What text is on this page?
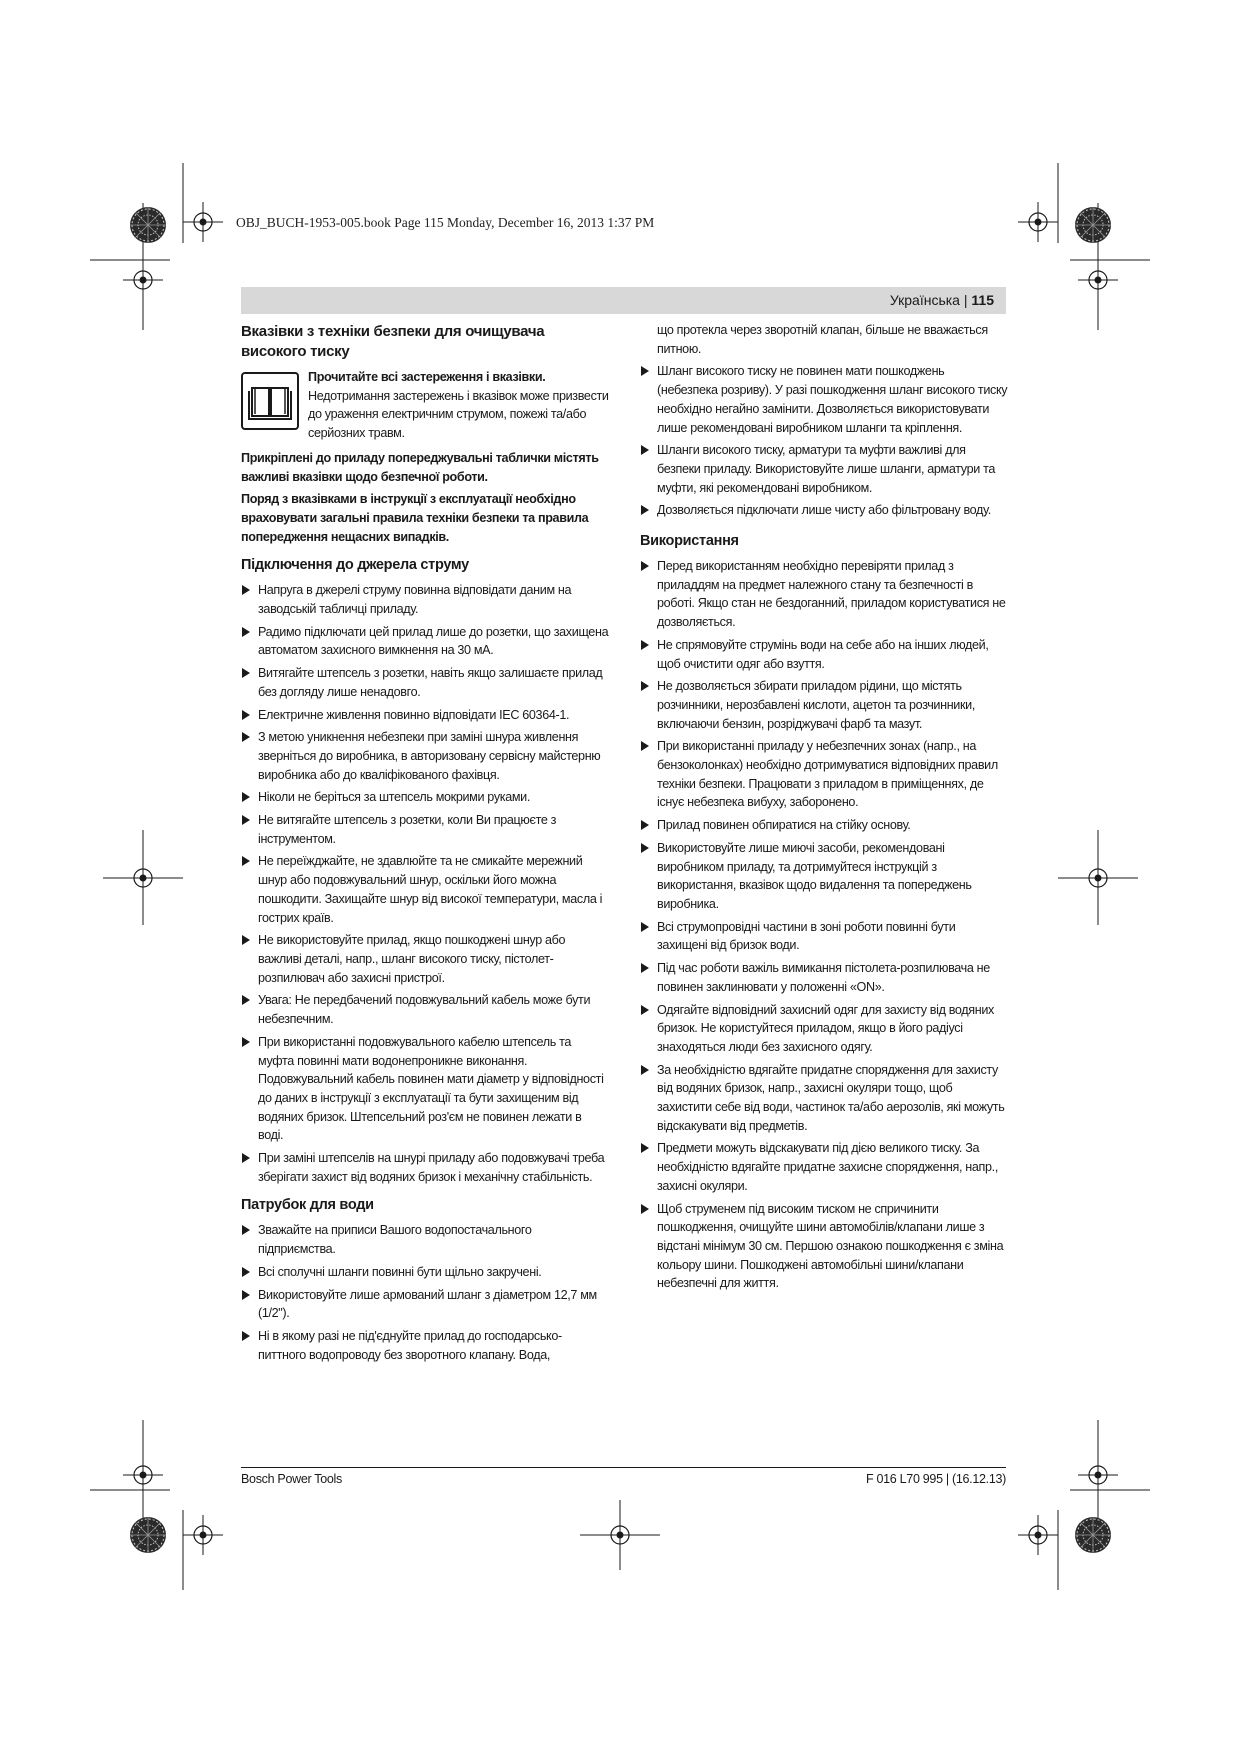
OBJ_BUCH-1953-005.book Page 115 Monday, December 16, 2013 1:37 PM
Українська | 115
Вказівки з техніки безпеки для очищувача високого тиску
Прочитайте всі застереження і вказівки.
Недотримання застережень і вказівок може призвести до ураження електричним струмом, пожежі та/або серйозних травм.
Прикріплені до приладу попереджувальні таблички містять важливі вказівки щодо безпечної роботи.
Поряд з вказівками в інструкції з експлуатації необхідно враховувати загальні правила техніки безпеки та правила попередження нещасних випадків.
Підключення до джерела струму
Напруга в джерелі струму повинна відповідати даним на заводській табличці приладу.
Радимо підключати цей прилад лише до розетки, що захищена автоматом захисного вимкнення на 30 мА.
Витягайте штепсель з розетки, навіть якщо залишаєте прилад без догляду лише ненадовго.
Електричне живлення повинно відповідати IEC 60364-1.
З метою уникнення небезпеки при заміні шнура живлення зверніться до виробника, в авторизовану сервісну майстерню виробника або до кваліфікованого фахівця.
Ніколи не беріться за штепсель мокрими руками.
Не витягайте штепсель з розетки, коли Ви працюєте з інструментом.
Не переїжджайте, не здавлюйте та не смикайте мережний шнур або подовжувальний шнур, оскільки його можна пошкодити. Захищайте шнур від високої температури, масла і гострих країв.
Не використовуйте прилад, якщо пошкоджені шнур або важливі деталі, напр., шланг високого тиску, пістолет-розпилювач або захисні пристрої.
Увага: Не передбачений подовжувальний кабель може бути небезпечним.
При використанні подовжувального кабелю штепсель та муфта повинні мати водонепроникне виконання. Подовжувальний кабель повинен мати діаметр у відповідності до даних в інструкції з експлуатації та бути захищеним від водяних бризок. Штепсельний роз'єм не повинен лежати в воді.
При заміні штепселів на шнурі приладу або подовжувачі треба зберігати захист від водяних бризок і механічну стабільність.
Патрубок для води
Зважайте на приписи Вашого водопостачального підприємства.
Всі сполучні шланги повинні бути щільно закручені.
Використовуйте лише армований шланг з діаметром 12,7 мм (1/2").
Ні в якому разі не під'єднуйте прилад до господарсько-питтного водопроводу без зворотного клапану. Вода,
що протекла через зворотній клапан, більше не вважається питною.
Шланг високого тиску не повинен мати пошкоджень (небезпека розриву). У разі пошкодження шланг високого тиску необхідно негайно замінити. Дозволяється використовувати лише рекомендовані виробником шланги та кріплення.
Шланги високого тиску, арматури та муфти важливі для безпеки приладу. Використовуйте лише шланги, арматури та муфти, які рекомендовані виробником.
Дозволяється підключати лише чисту або фільтровану воду.
Використання
Перед використанням необхідно перевіряти прилад з приладдям на предмет належного стану та безпечності в роботі. Якщо стан не бездоганний, приладом користуватися не дозволяється.
Не спрямовуйте струмінь води на себе або на інших людей, щоб очистити одяг або взуття.
Не дозволяється збирати приладом рідини, що містять розчинники, нерозбавлені кислоти, ацетон та розчинники, включаючи бензин, розріджувачі фарб та мазут.
При використанні приладу у небезпечних зонах (напр., на бензоколонках) необхідно дотримуватися відповідних правил техніки безпеки. Працювати з приладом в приміщеннях, де існує небезпека вибуху, заборонено.
Прилад повинен обпиратися на стійку основу.
Використовуйте лише миючі засоби, рекомендовані виробником приладу, та дотримуйтеся інструкцій з використання, вказівок щодо видалення та попереджень виробника.
Всі струмопровідні частини в зоні роботи повинні бути захищені від бризок води.
Під час роботи важіль вимикання пістолета-розпилювача не повинен заклинювати у положенні «ON».
Одягайте відповідний захисний одяг для захисту від водяних бризок. Не користуйтеся приладом, якщо в його радіусі знаходяться люди без захисного одягу.
За необхідністю вдягайте придатне спорядження для захисту від водяних бризок, напр., захисні окуляри тощо, щоб захистити себе від води, частинок та/або аерозолів, які можуть відскакувати від предметів.
Предмети можуть відскакувати під дією великого тиску. За необхідністю вдягайте придатне захисне спорядження, напр., захисні окуляри.
Щоб струменем під високим тиском не спричинити пошкодження, очищуйте шини автомобілів/клапани лише з відстані мінімум 30 см. Першою ознакою пошкодження є зміна кольору шини. Пошкоджені автомобільні шини/клапани небезпечні для життя.
Bosch Power Tools	F 016 L70 995 | (16.12.13)
